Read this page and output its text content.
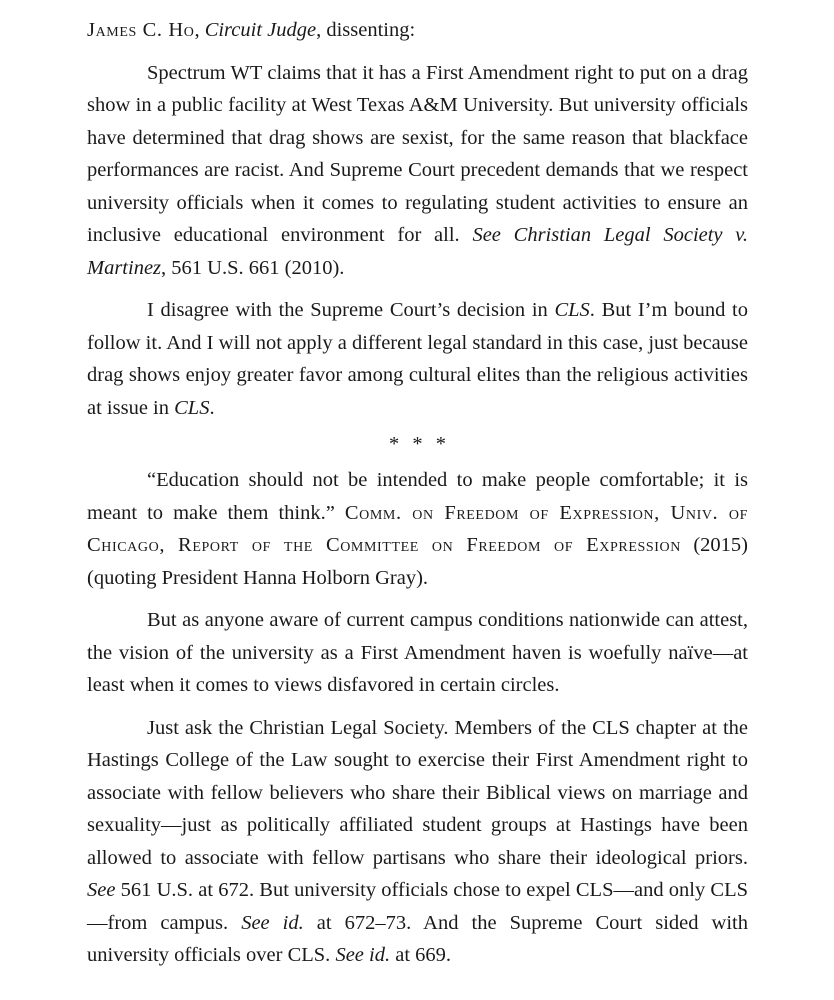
James C. Ho, Circuit Judge, dissenting:

Spectrum WT claims that it has a First Amendment right to put on a drag show in a public facility at West Texas A&M University. But university officials have determined that drag shows are sexist, for the same reason that blackface performances are racist. And Supreme Court precedent demands that we respect university officials when it comes to regulating student activities to ensure an inclusive educational environment for all. See Christian Legal Society v. Martinez, 561 U.S. 661 (2010).

I disagree with the Supreme Court’s decision in CLS. But I’m bound to follow it. And I will not apply a different legal standard in this case, just because drag shows enjoy greater favor among cultural elites than the religious activities at issue in CLS.

* * *

“Education should not be intended to make people comfortable; it is meant to make them think.” Comm. on Freedom of Expression, Univ. of Chicago, Report of the Committee on Freedom of Expression (2015) (quoting President Hanna Holborn Gray).

But as anyone aware of current campus conditions nationwide can attest, the vision of the university as a First Amendment haven is woefully naïve—at least when it comes to views disfavored in certain circles.

Just ask the Christian Legal Society. Members of the CLS chapter at the Hastings College of the Law sought to exercise their First Amendment right to associate with fellow believers who share their Biblical views on marriage and sexuality—just as politically affiliated student groups at Hastings have been allowed to associate with fellow partisans who share their ideological priors. See 561 U.S. at 672. But university officials chose to expel CLS—and only CLS—from campus. See id. at 672–73. And the Supreme Court sided with university officials over CLS. See id. at 669.
